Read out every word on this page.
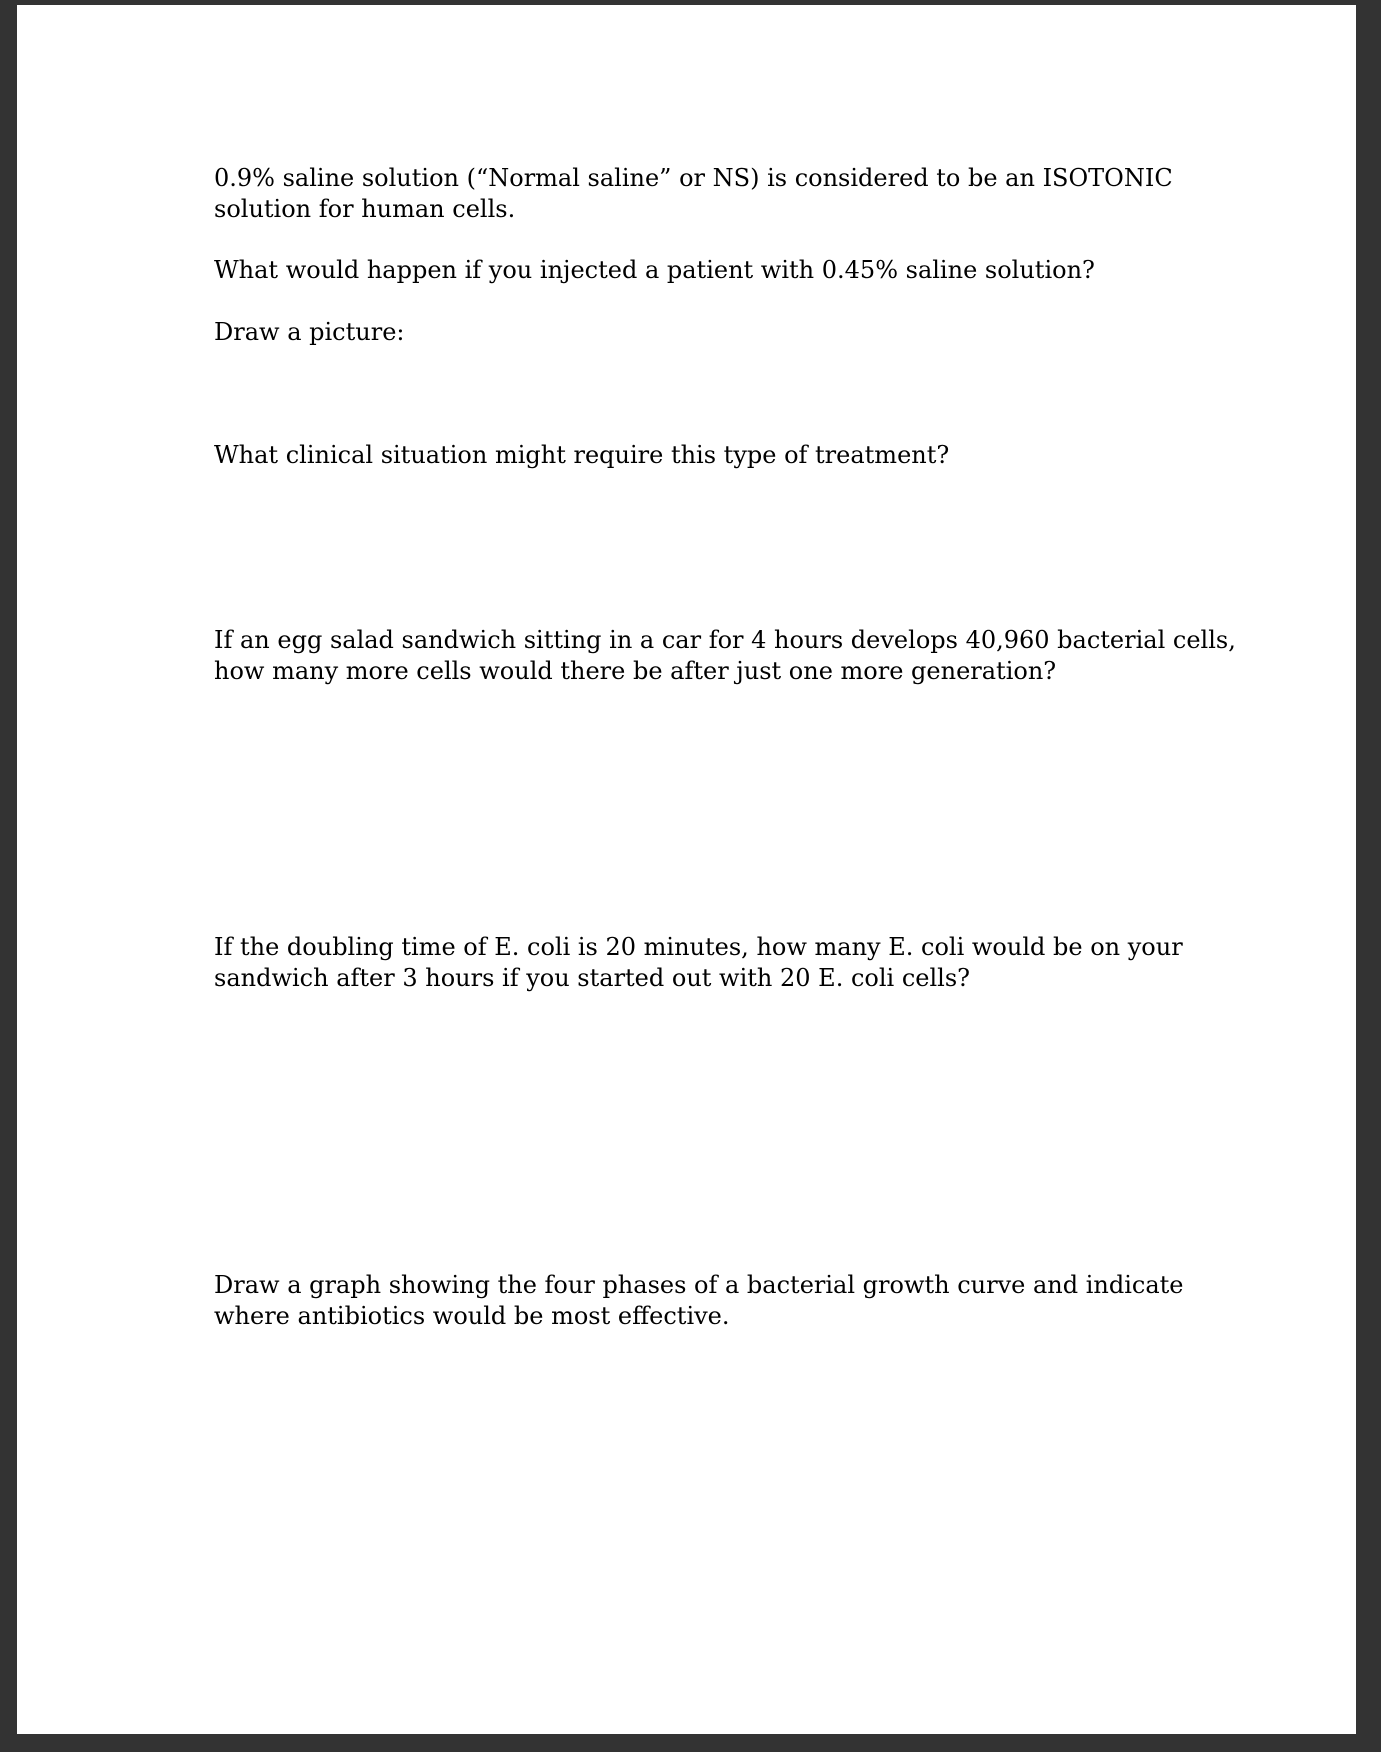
0.9% saline solution (“Normal saline” or NS) is considered to be an ISOTONIC
solution for human cells.

What would happen if you injected a patient with 0.45% saline solution?

Draw a picture:

What clinical situation might require this type of treatment?

If an egg salad sandwich sitting in a car for 4 hours develops 40,960 bacterial cells,
how many more cells would there be after just one more generation?

If the doubling time of E. coli is 20 minutes, how many E. coli would be on your
sandwich after 3 hours if you started out with 20 E. coli cells?

Draw a graph showing the four phases of a bacterial growth curve and indicate
where antibiotics would be most effective.
